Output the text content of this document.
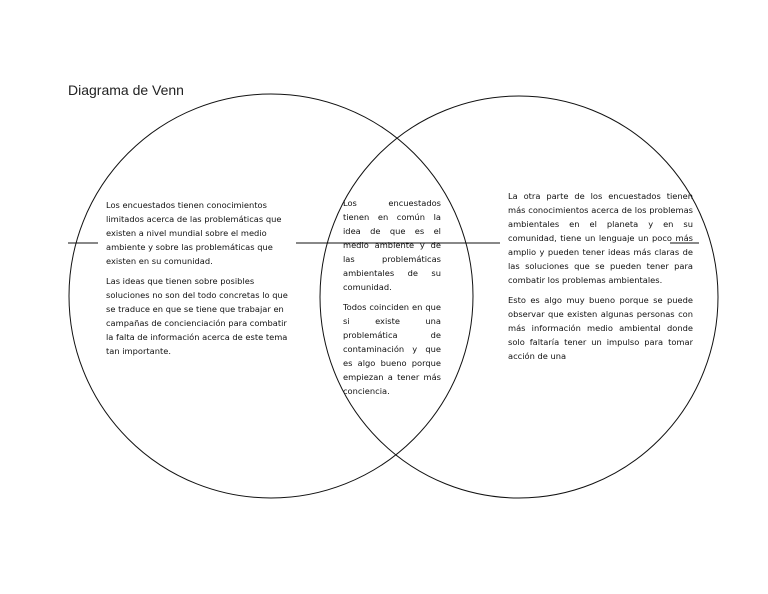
Diagrama de Venn

Los encuestados tienen conocimientos limitados acerca de las problemáticas que existen a nivel mundial sobre el medio ambiente y sobre las problemáticas que existen en su comunidad.

Las ideas que tienen sobre posibles soluciones no son del todo concretas lo que se traduce en que se tiene que trabajar en campañas de concienciación para combatir la falta de información acerca de este tema tan importante.

Los encuestados tienen en común la idea de que es el medio ambiente y de las problemáticas ambientales de su comunidad.

Todos coinciden en que si existe una problemática de contaminación y que es algo bueno porque empiezan a tener más conciencia.

La otra parte de los encuestados tienen más conocimientos acerca de los problemas ambientales en el planeta y en su comunidad, tiene un lenguaje un poco más amplio y pueden tener ideas más claras de las soluciones que se pueden tener para combatir los problemas ambientales.

Esto es algo muy bueno porque se puede observar que existen algunas personas con más información medio ambiental donde solo faltaría tener un impulso para tomar acción de una
